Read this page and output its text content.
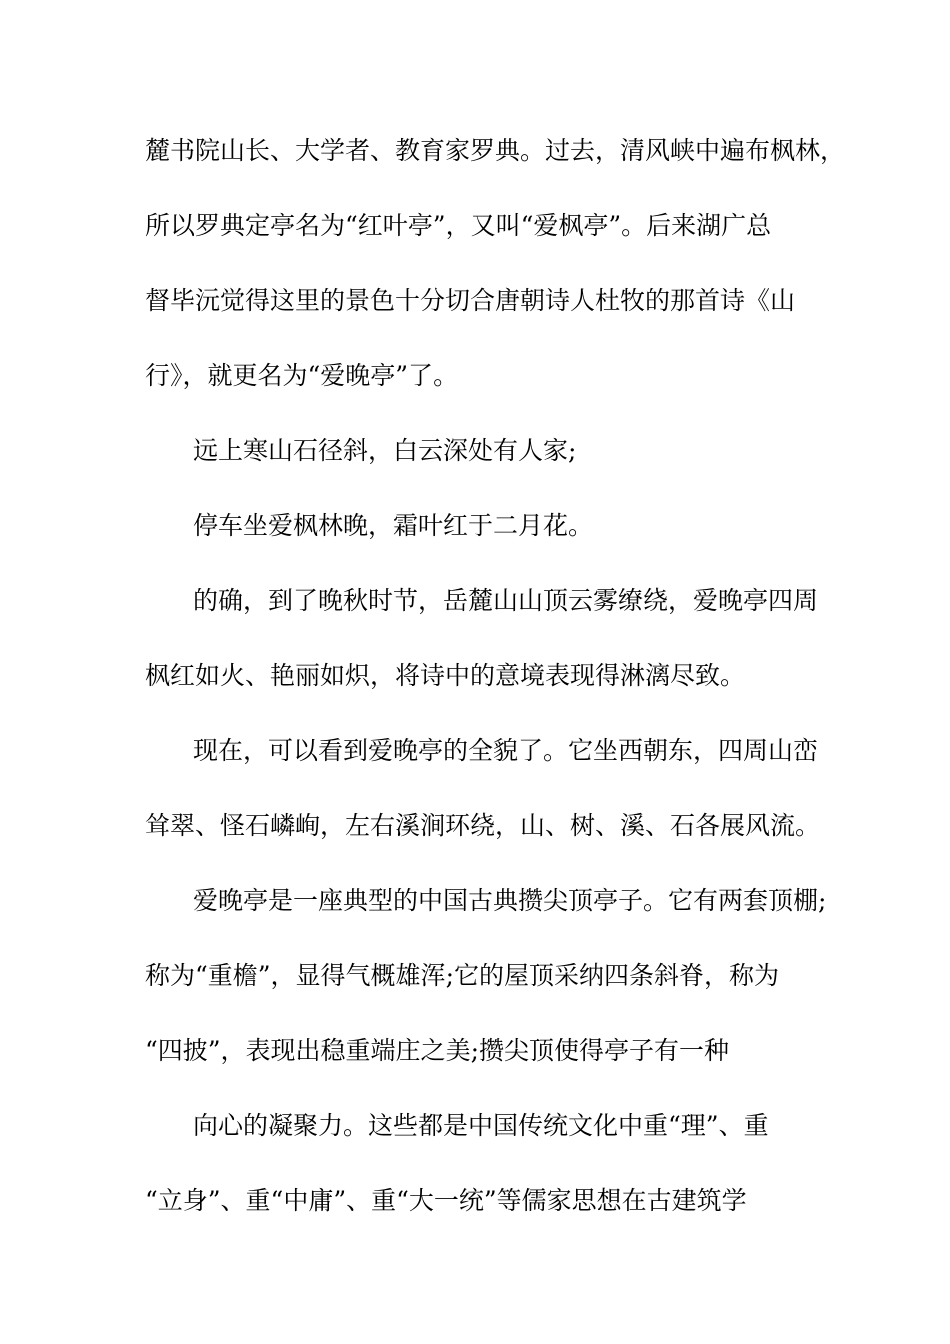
麓书院山长、大学者、教育家罗典。过去，清风峡中遍布枫林，
所以罗典定亭名为“红叶亭”，又叫“爱枫亭”。后来湖广总
督毕沅觉得这里的景色十分切合唐朝诗人杜牧的那首诗《山
行》，就更名为“爱晚亭”了。
远上寒山石径斜，白云深处有人家;
停车坐爱枫林晚，霜叶红于二月花。
的确，到了晚秋时节，岳麓山山顶云雾缭绕，爱晚亭四周
枫红如火、艳丽如炽，将诗中的意境表现得淋漓尽致。
现在，可以看到爱晚亭的全貌了。它坐西朝东，四周山峦
耸翠、怪石嶙峋，左右溪涧环绕，山、树、溪、石各展风流。
爱晚亭是一座典型的中国古典攒尖顶亭子。它有两套顶棚;
称为“重檐”，显得气概雄浑;它的屋顶采纳四条斜脊，称为
“四披”，表现出稳重端庄之美;攒尖顶使得亭子有一种
向心的凝聚力。这些都是中国传统文化中重“理”、重
“立身”、重“中庸”、重“大一统”等儒家思想在古建筑学
